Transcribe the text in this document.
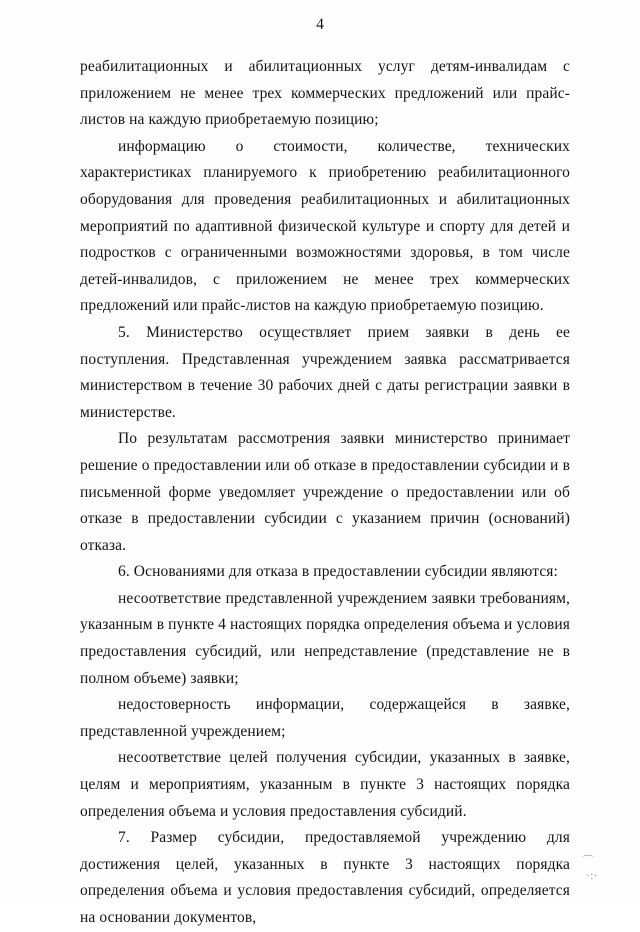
4

реабилитационных и абилитационных услуг детям-инвалидам с приложением не менее трех коммерческих предложений или прайс-листов на каждую приобретаемую позицию;

информацию о стоимости, количестве, технических характеристиках планируемого к приобретению реабилитационного оборудования для проведения реабилитационных и абилитационных мероприятий по адаптивной физической культуре и спорту для детей и подростков с ограниченными возможностями здоровья, в том числе детей-инвалидов, с приложением не менее трех коммерческих предложений или прайс-листов на каждую приобретаемую позицию.

5. Министерство осуществляет прием заявки в день ее поступления. Представленная учреждением заявка рассматривается министерством в течение 30 рабочих дней с даты регистрации заявки в министерстве.

По результатам рассмотрения заявки министерство принимает решение о предоставлении или об отказе в предоставлении субсидии и в письменной форме уведомляет учреждение о предоставлении или об отказе в предоставлении субсидии с указанием причин (оснований) отказа.

6. Основаниями для отказа в предоставлении субсидии являются:

несоответствие представленной учреждением заявки требованиям, указанным в пункте 4 настоящих порядка определения объема и условия предоставления субсидий, или непредставление (представление не в полном объеме) заявки;

недостоверность информации, содержащейся в заявке, представленной учреждением;

несоответствие целей получения субсидии, указанных в заявке, целям и мероприятиям, указанным в пункте 3 настоящих порядка определения объема и условия предоставления субсидий.

7. Размер субсидии, предоставляемой учреждению для достижения целей, указанных в пункте 3 настоящих порядка определения объема и условия предоставления субсидий, определяется на основании документов,

⌒
·:·
